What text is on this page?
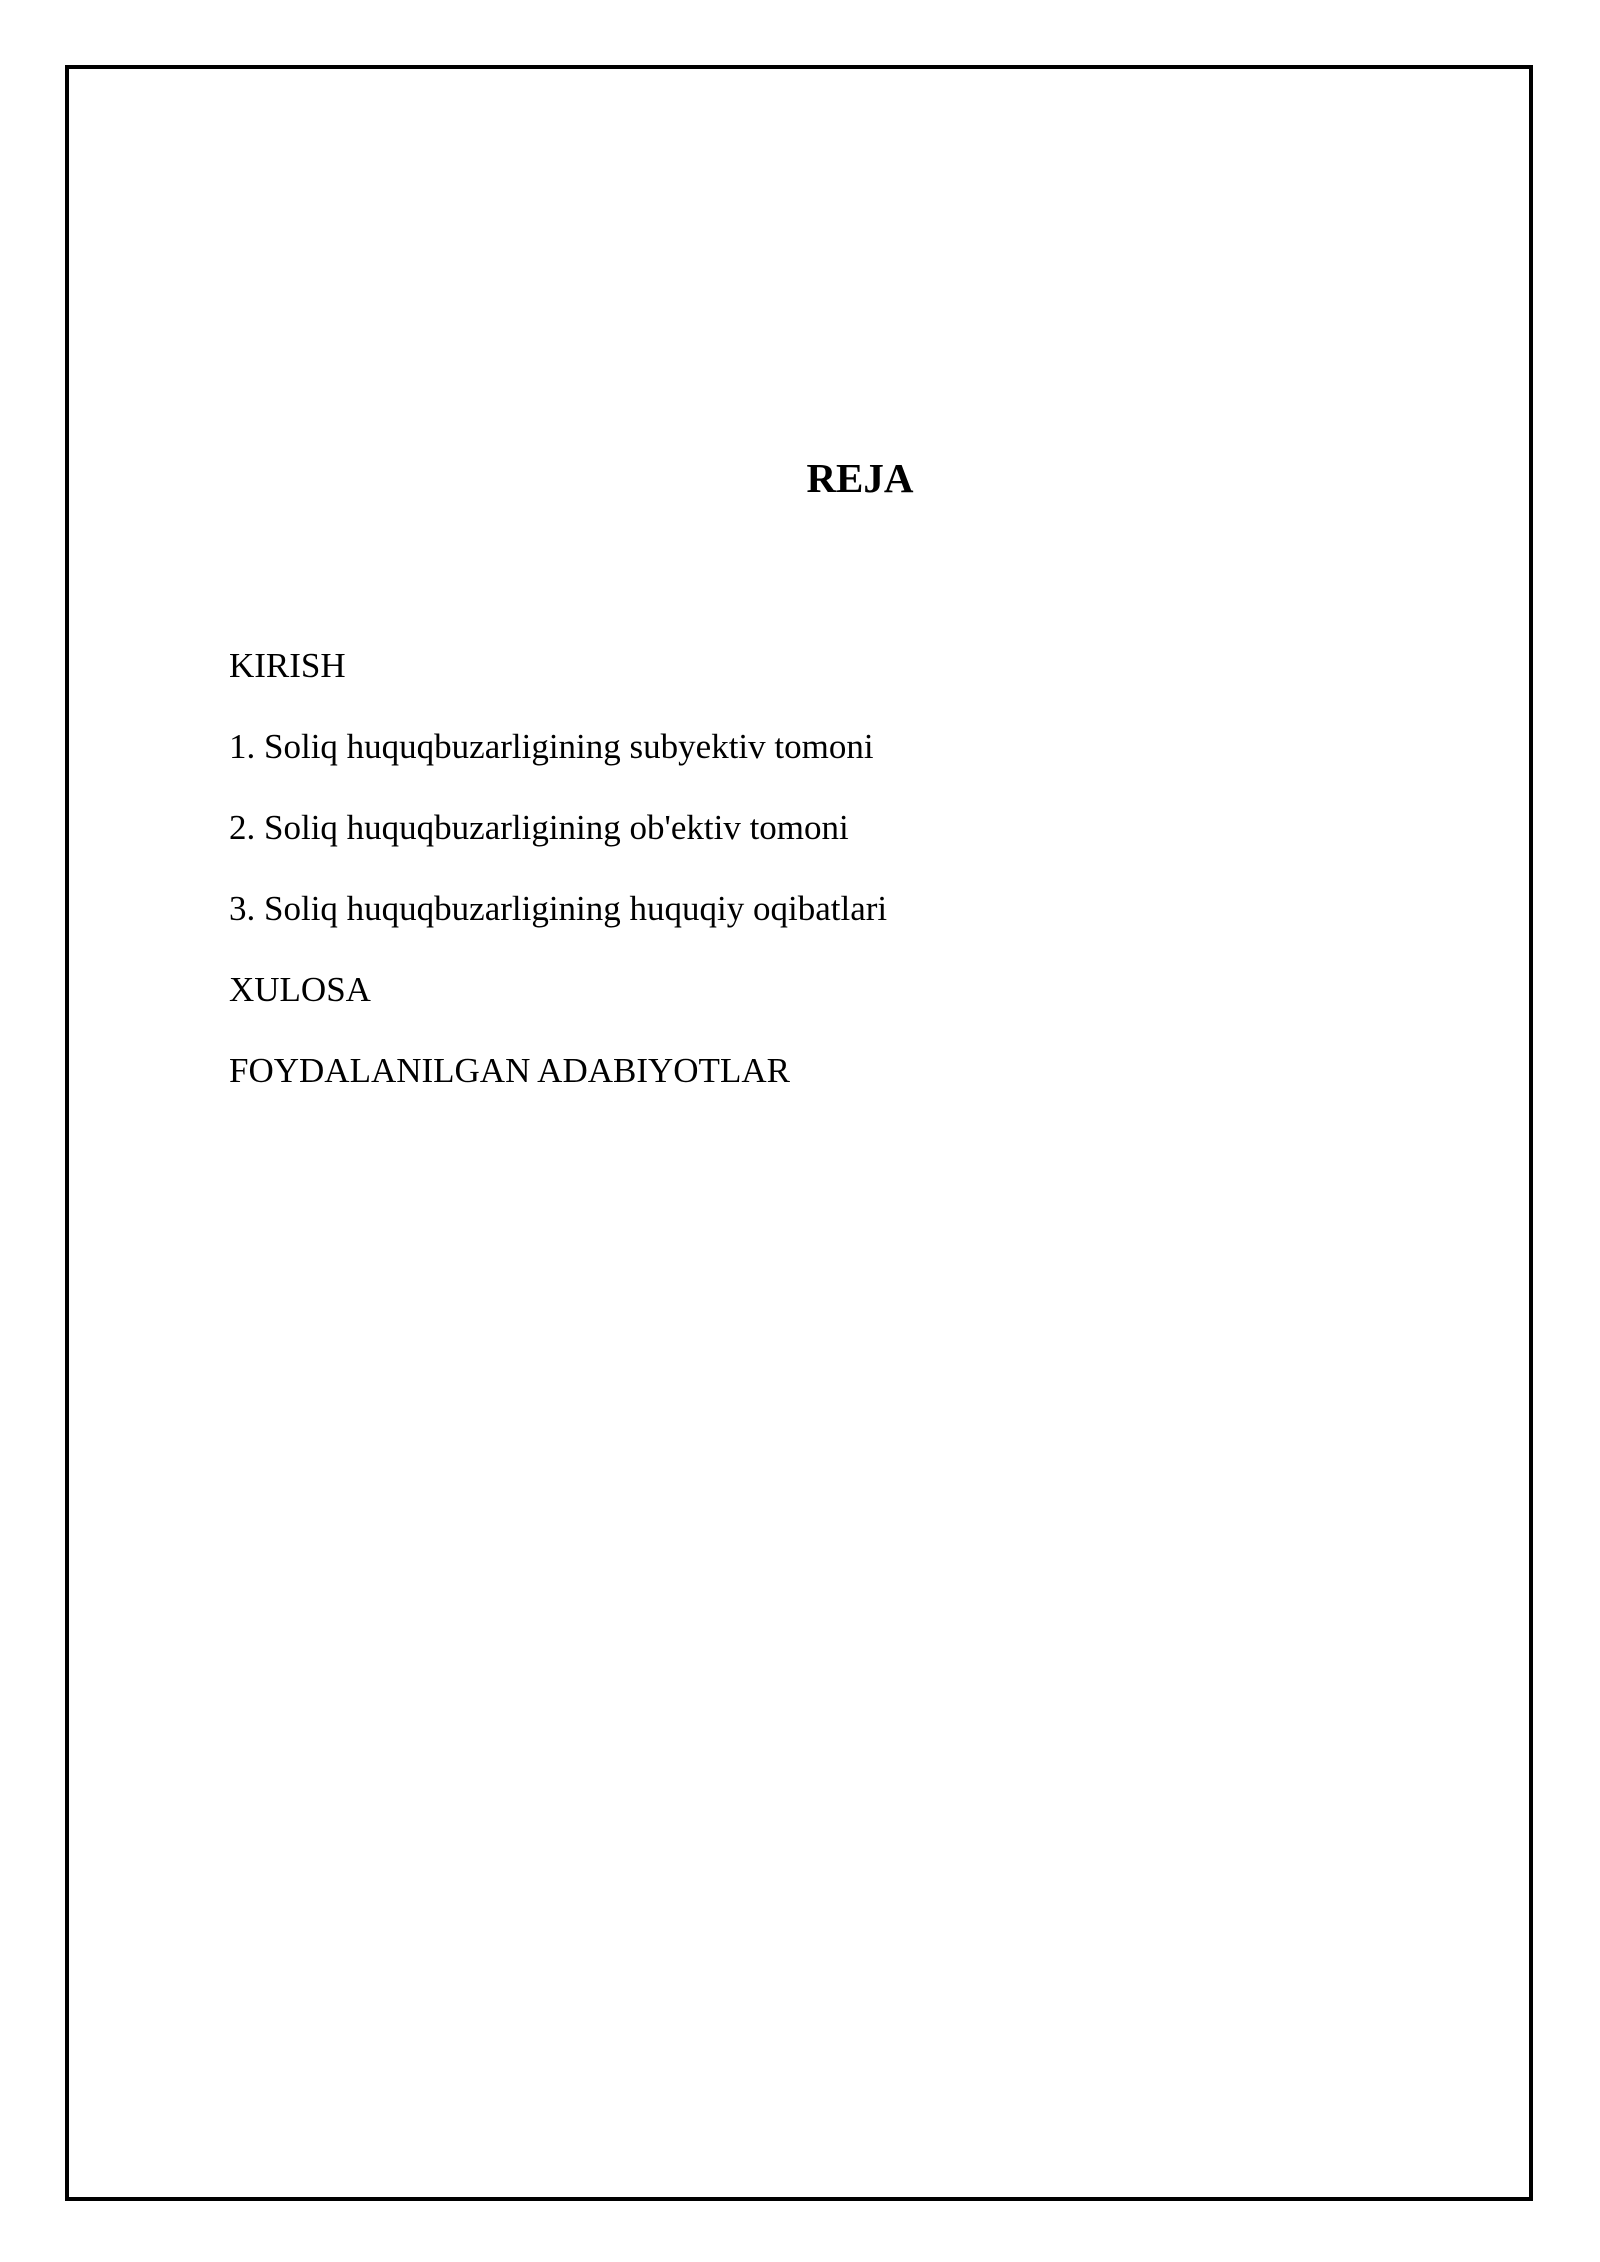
REJA
KIRISH
1. Soliq huquqbuzarligining subyektiv tomoni
2. Soliq huquqbuzarligining ob'ektiv tomoni
3. Soliq huquqbuzarligining huquqiy oqibatlari
XULOSA
FOYDALANILGAN ADABIYOTLAR
